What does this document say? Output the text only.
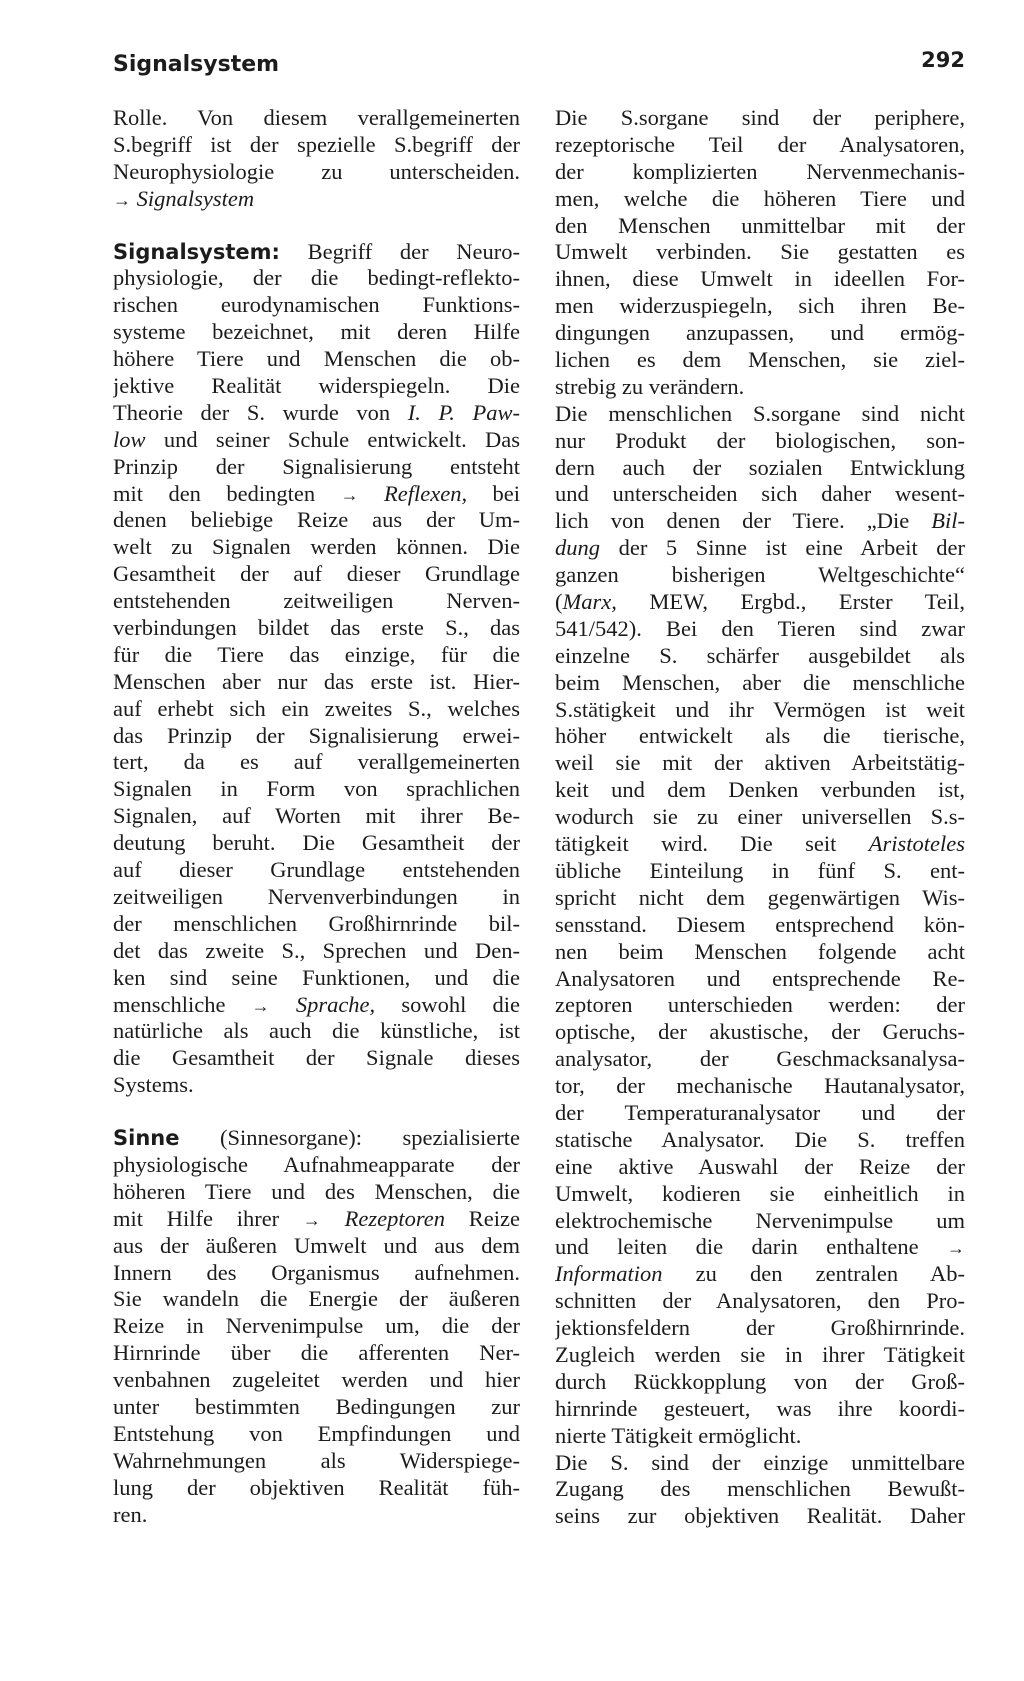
Signalsystem	292
Rolle. Von diesem verallgemeinerten
S.begriff ist der spezielle S.begriff der
Neurophysiologie zu unterscheiden.
→ Signalsystem
Signalsystem: Begriff der Neuro-
physiologie, der die bedingt-reflekto-
rischen eurodynamischen Funktions-
systeme bezeichnet, mit deren Hilfe
höhere Tiere und Menschen die ob-
jektive Realität widerspiegeln. Die
Theorie der S. wurde von I. P. Paw-
low und seiner Schule entwickelt. Das
Prinzip der Signalisierung entsteht
mit den bedingten → Reflexen, bei
denen beliebige Reize aus der Um-
welt zu Signalen werden können. Die
Gesamtheit der auf dieser Grundlage
entstehenden zeitweiligen Nerven-
verbindungen bildet das erste S., das
für die Tiere das einzige, für die
Menschen aber nur das erste ist. Hier-
auf erhebt sich ein zweites S., welches
das Prinzip der Signalisierung erwei-
tert, da es auf verallgemeinerten
Signalen in Form von sprachlichen
Signalen, auf Worten mit ihrer Be-
deutung beruht. Die Gesamtheit der
auf dieser Grundlage entstehenden
zeitweiligen Nervenverbindungen in
der menschlichen Großhirnrinde bil-
det das zweite S., Sprechen und Den-
ken sind seine Funktionen, und die
menschliche → Sprache, sowohl die
natürliche als auch die künstliche, ist
die Gesamtheit der Signale dieses
Systems.
Sinne (Sinnesorgane): spezialisierte
physiologische Aufnahmeapparate der
höheren Tiere und des Menschen, die
mit Hilfe ihrer → Rezeptoren Reize
aus der äußeren Umwelt und aus dem
Innern des Organismus aufnehmen.
Sie wandeln die Energie der äußeren
Reize in Nervenimpulse um, die der
Hirnrinde über die afferenten Ner-
venbahnen zugeleitet werden und hier
unter bestimmten Bedingungen zur
Entstehung von Empfindungen und
Wahrnehmungen als Widerspiege-
lung der objektiven Realität füh-
ren.
Die S.sorgane sind der periphere,
rezeptorische Teil der Analysatoren,
der komplizierten Nervenmechanis-
men, welche die höheren Tiere und
den Menschen unmittelbar mit der
Umwelt verbinden. Sie gestatten es
ihnen, diese Umwelt in ideellen For-
men widerzuspiegeln, sich ihren Be-
dingungen anzupassen, und ermög-
lichen es dem Menschen, sie ziel-
strebig zu verändern.
Die menschlichen S.sorgane sind nicht
nur Produkt der biologischen, son-
dern auch der sozialen Entwicklung
und unterscheiden sich daher wesent-
lich von denen der Tiere. „Die Bil-
dung der 5 Sinne ist eine Arbeit der
ganzen bisherigen Weltgeschichte“
(Marx, MEW, Ergbd., Erster Teil,
541/542). Bei den Tieren sind zwar
einzelne S. schärfer ausgebildet als
beim Menschen, aber die menschliche
S.stätigkeit und ihr Vermögen ist weit
höher entwickelt als die tierische,
weil sie mit der aktiven Arbeitstätig-
keit und dem Denken verbunden ist,
wodurch sie zu einer universellen S.s-
tätigkeit wird. Die seit Aristoteles
übliche Einteilung in fünf S. ent-
spricht nicht dem gegenwärtigen Wis-
sensstand. Diesem entsprechend kön-
nen beim Menschen folgende acht
Analysatoren und entsprechende Re-
zeptoren unterschieden werden: der
optische, der akustische, der Geruchs-
analysator, der Geschmacksanalysa-
tor, der mechanische Hautanalysator,
der Temperaturanalysator und der
statische Analysator. Die S. treffen
eine aktive Auswahl der Reize der
Umwelt, kodieren sie einheitlich in
elektrochemische Nervenimpulse um
und leiten die darin enthaltene →
Information zu den zentralen Ab-
schnitten der Analysatoren, den Pro-
jektionsfeldern der Großhirnrinde.
Zugleich werden sie in ihrer Tätigkeit
durch Rückkopplung von der Groß-
hirnrinde gesteuert, was ihre koordi-
nierte Tätigkeit ermöglicht.
Die S. sind der einzige unmittelbare
Zugang des menschlichen Bewußt-
seins zur objektiven Realität. Daher
